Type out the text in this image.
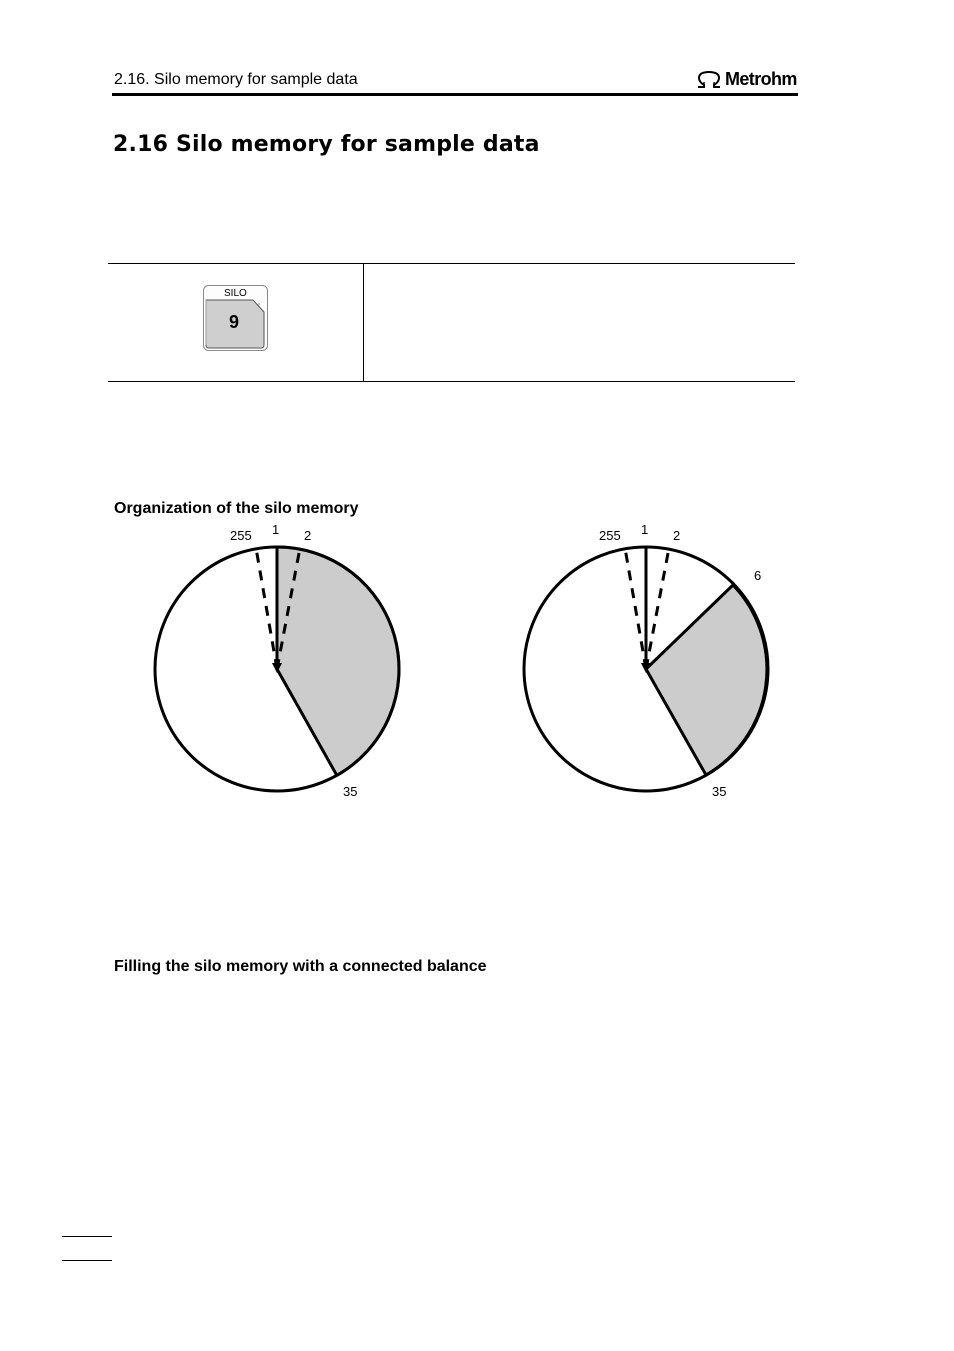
2.16. Silo memory for sample data	Metrohm
2.16 Silo memory for sample data
SILO
9
Organization of the silo memory
255 1 2
35
255 1 2
6
35
Filling the silo memory with a connected balance
